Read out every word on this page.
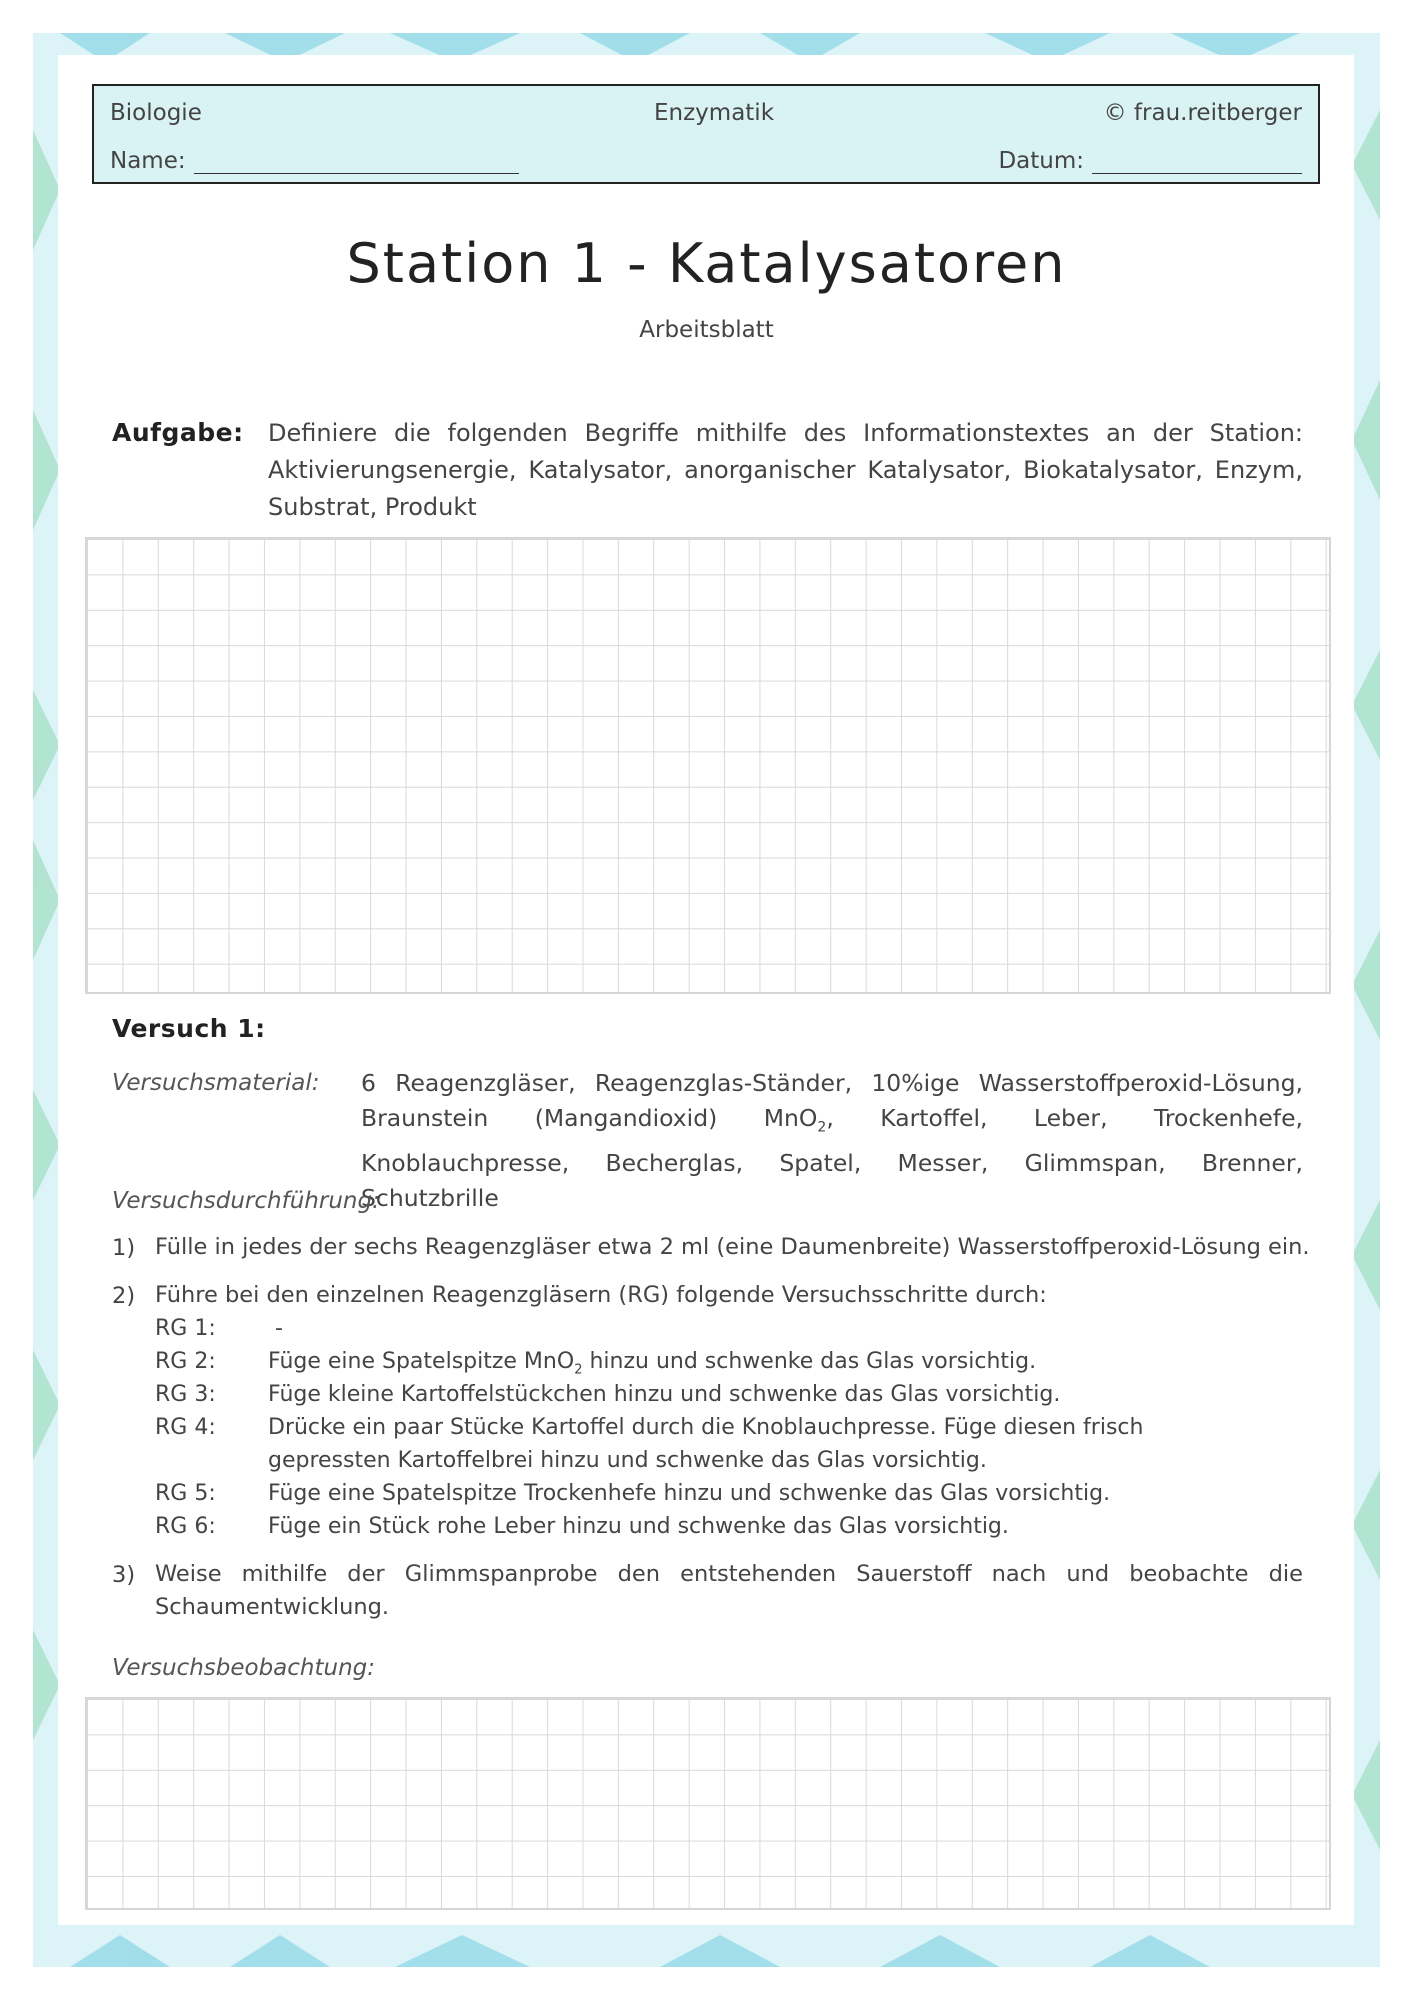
Biologie	Enzymatik	© frau.reitberger
Name:	Datum:
Station 1 - Katalysatoren
Arbeitsblatt
Aufgabe: Definiere die folgenden Begriffe mithilfe des Informationstextes an der Station: Aktivierungsenergie, Katalysator, anorganischer Katalysator, Biokatalysator, Enzym, Substrat, Produkt
Versuch 1:
Versuchsmaterial: 6 Reagenzgläser, Reagenzglas-Ständer, 10%ige Wasserstoffperoxid-Lösung, Braunstein (Mangandioxid) MnO$_2$, Kartoffel, Leber, Trockenhefe, Knoblauchpresse, Becherglas, Spatel, Messer, Glimmspan, Brenner, Schutzbrille
Versuchsdurchführung:
1) Fülle in jedes der sechs Reagenzgläser etwa 2 ml (eine Daumenbreite) Wasserstoffperoxid-Lösung ein.
2) Führe bei den einzelnen Reagenzgläsern (RG) folgende Versuchsschritte durch:
RG 1:	-
RG 2: Füge eine Spatelspitze MnO$_2$ hinzu und schwenke das Glas vorsichtig.
RG 3: Füge kleine Kartoffelstückchen hinzu und schwenke das Glas vorsichtig.
RG 4: Drücke ein paar Stücke Kartoffel durch die Knoblauchpresse. Füge diesen frisch gepressten Kartoffelbrei hinzu und schwenke das Glas vorsichtig.
RG 5: Füge eine Spatelspitze Trockenhefe hinzu und schwenke das Glas vorsichtig.
RG 6: Füge ein Stück rohe Leber hinzu und schwenke das Glas vorsichtig.
3) Weise mithilfe der Glimmspanprobe den entstehenden Sauerstoff nach und beobachte die Schaumentwicklung.
Versuchsbeobachtung:
